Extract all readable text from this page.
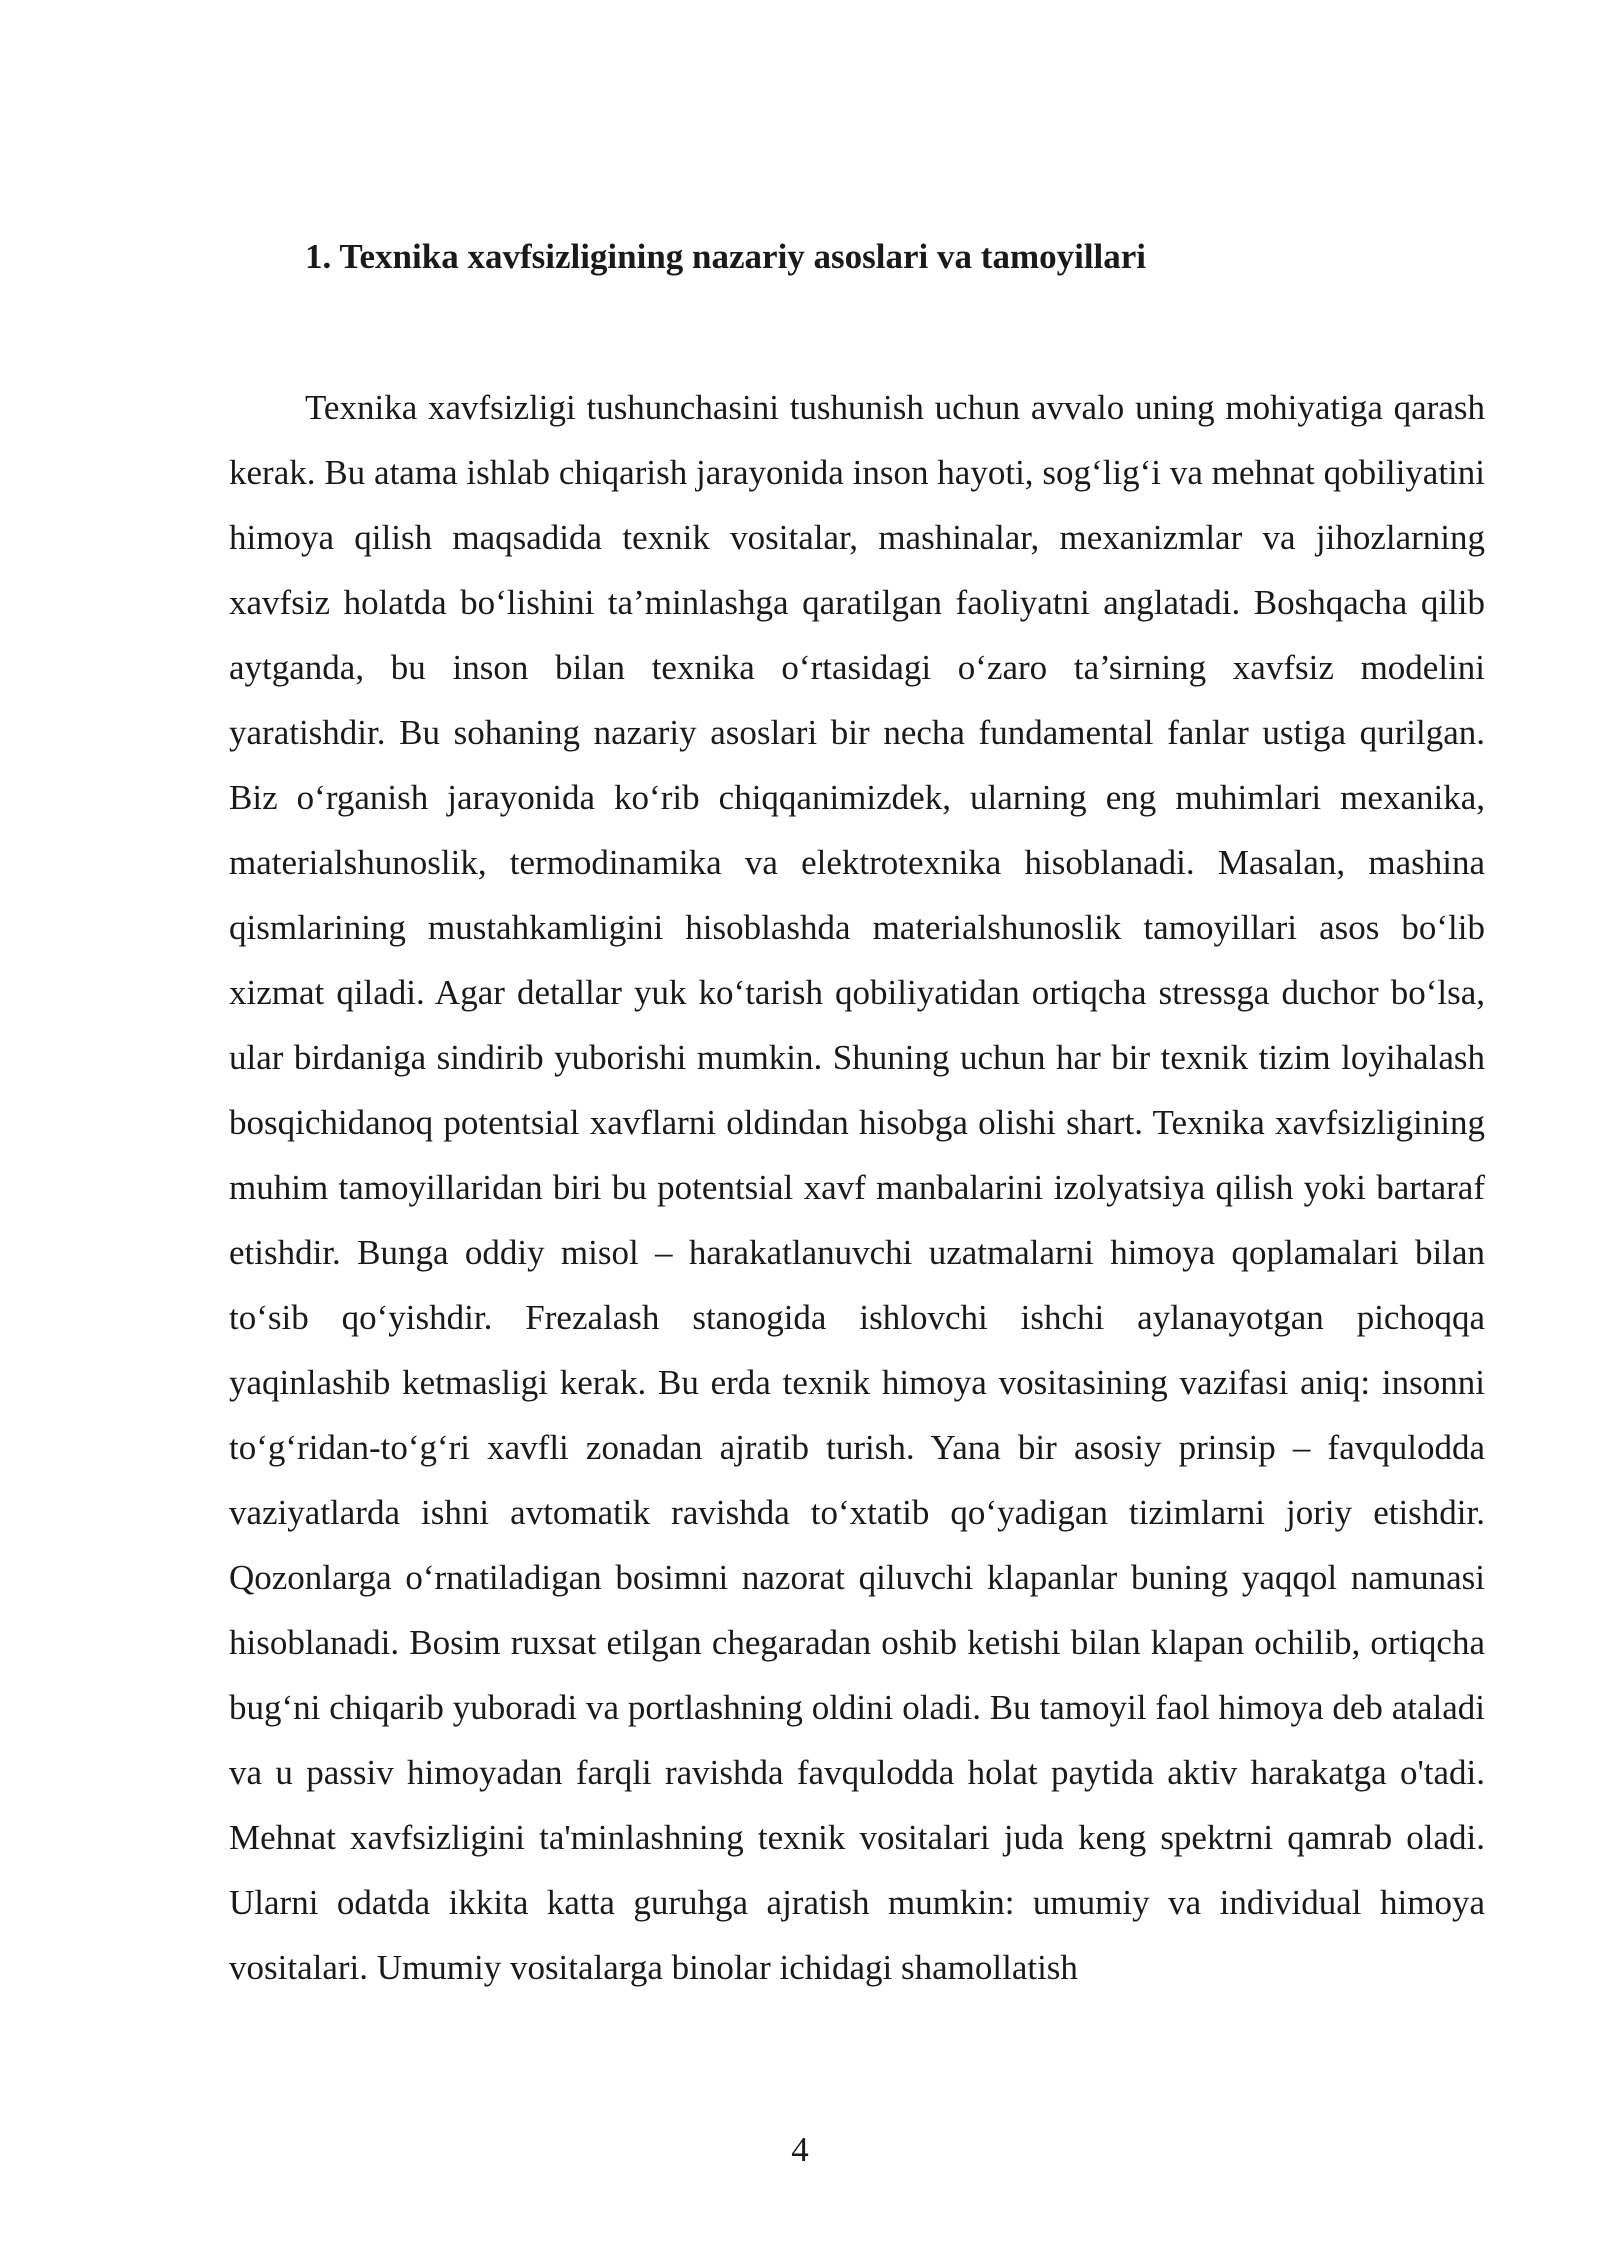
1. Texnika xavfsizligining nazariy asoslari va tamoyillari

Texnika xavfsizligi tushunchasini tushunish uchun avvalo uning mohiyatiga qarash kerak. Bu atama ishlab chiqarish jarayonida inson hayoti, sog‘lig‘i va mehnat qobiliyatini himoya qilish maqsadida texnik vositalar, mashinalar, mexanizmlar va jihozlarning xavfsiz holatda bo‘lishini ta’minlashga qaratilgan faoliyatni anglatadi. Boshqacha qilib aytganda, bu inson bilan texnika o‘rtasidagi o‘zaro ta’sirning xavfsiz modelini yaratishdir. Bu sohaning nazariy asoslari bir necha fundamental fanlar ustiga qurilgan. Biz o‘rganish jarayonida ko‘rib chiqqanimizdek, ularning eng muhimlari mexanika, materialshunoslik, termodinamika va elektrotexnika hisoblanadi. Masalan, mashina qismlarining mustahkamligini hisoblashda materialshunoslik tamoyillari asos bo‘lib xizmat qiladi. Agar detallar yuk ko‘tarish qobiliyatidan ortiqcha stressga duchor bo‘lsa, ular birdaniga sindirib yuborishi mumkin. Shuning uchun har bir texnik tizim loyihalash bosqichidanoq potentsial xavflarni oldindan hisobga olishi shart. Texnika xavfsizligining muhim tamoyillaridan biri bu potentsial xavf manbalarini izolyatsiya qilish yoki bartaraf etishdir. Bunga oddiy misol – harakatlanuvchi uzatmalarni himoya qoplamalari bilan to‘sib qo‘yishdir. Frezalash stanogida ishlovchi ishchi aylanayotgan pichoqqa yaqinlashib ketmasligi kerak. Bu erda texnik himoya vositasining vazifasi aniq: insonni to‘g‘ridan-to‘g‘ri xavfli zonadan ajratib turish. Yana bir asosiy prinsip – favqulodda vaziyatlarda ishni avtomatik ravishda to‘xtatib qo‘yadigan tizimlarni joriy etishdir. Qozonlarga o‘rnatiladigan bosimni nazorat qiluvchi klapanlar buning yaqqol namunasi hisoblanadi. Bosim ruxsat etilgan chegaradan oshib ketishi bilan klapan ochilib, ortiqcha bug‘ni chiqarib yuboradi va portlashning oldini oladi. Bu tamoyil faol himoya deb ataladi va u passiv himoyadan farqli ravishda favqulodda holat paytida aktiv harakatga o'tadi. Mehnat xavfsizligini ta'minlashning texnik vositalari juda keng spektrni qamrab oladi. Ularni odatda ikkita katta guruhga ajratish mumkin: umumiy va individual himoya vositalari. Umumiy vositalarga binolar ichidagi shamollatish

4
